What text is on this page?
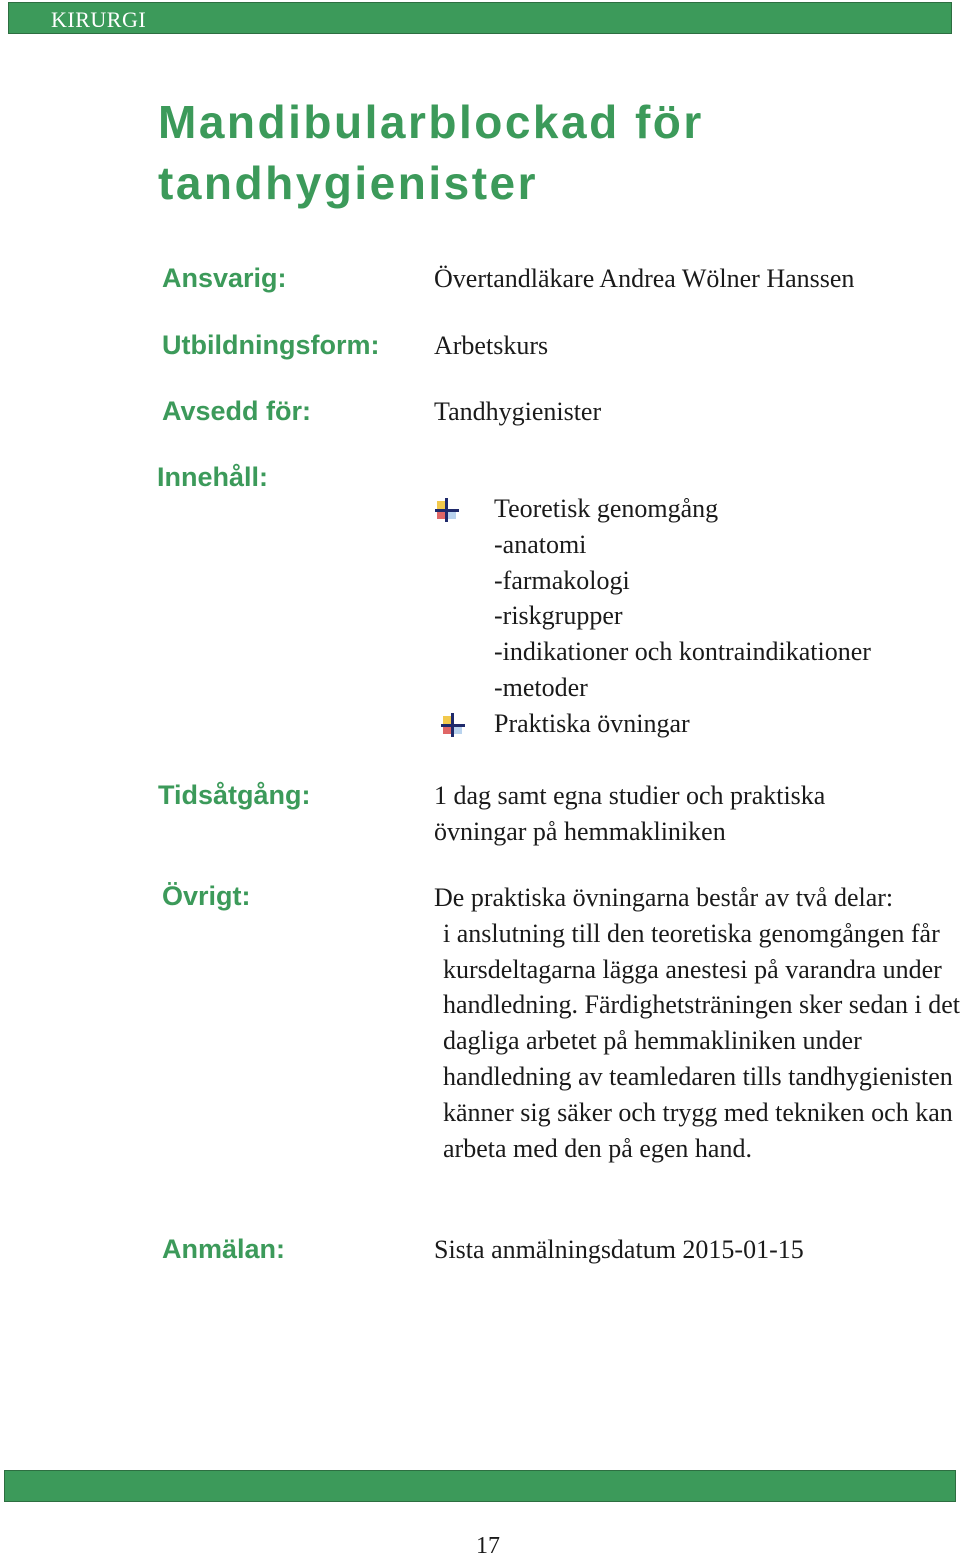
KIRURGI
Mandibularblockad för tandhygienister
Ansvarig:	Övertandläkare Andrea Wölner Hanssen
Utbildningsform: Arbetskurs
Avsedd för:	Tandhygienister
Innehåll:
Teoretisk genomgång
-anatomi
-farmakologi
-riskgrupper
-indikationer och kontraindikationer
-metoder
Praktiska övningar
Tidsåtgång:	1 dag samt egna studier och praktiska övningar på hemmakliniken
Övrigt:	De praktiska övningarna består av två delar:
i anslutning till den teoretiska genomgången får kursdeltagarna lägga anestesi på varandra under handledning. Färdighetsträningen sker sedan i det dagliga arbetet på hemmakliniken under handledning av teamledaren tills tandhygienisten känner sig säker och trygg med tekniken och kan arbeta med den på egen hand.
Anmälan:	Sista anmälningsdatum 2015-01-15
17
